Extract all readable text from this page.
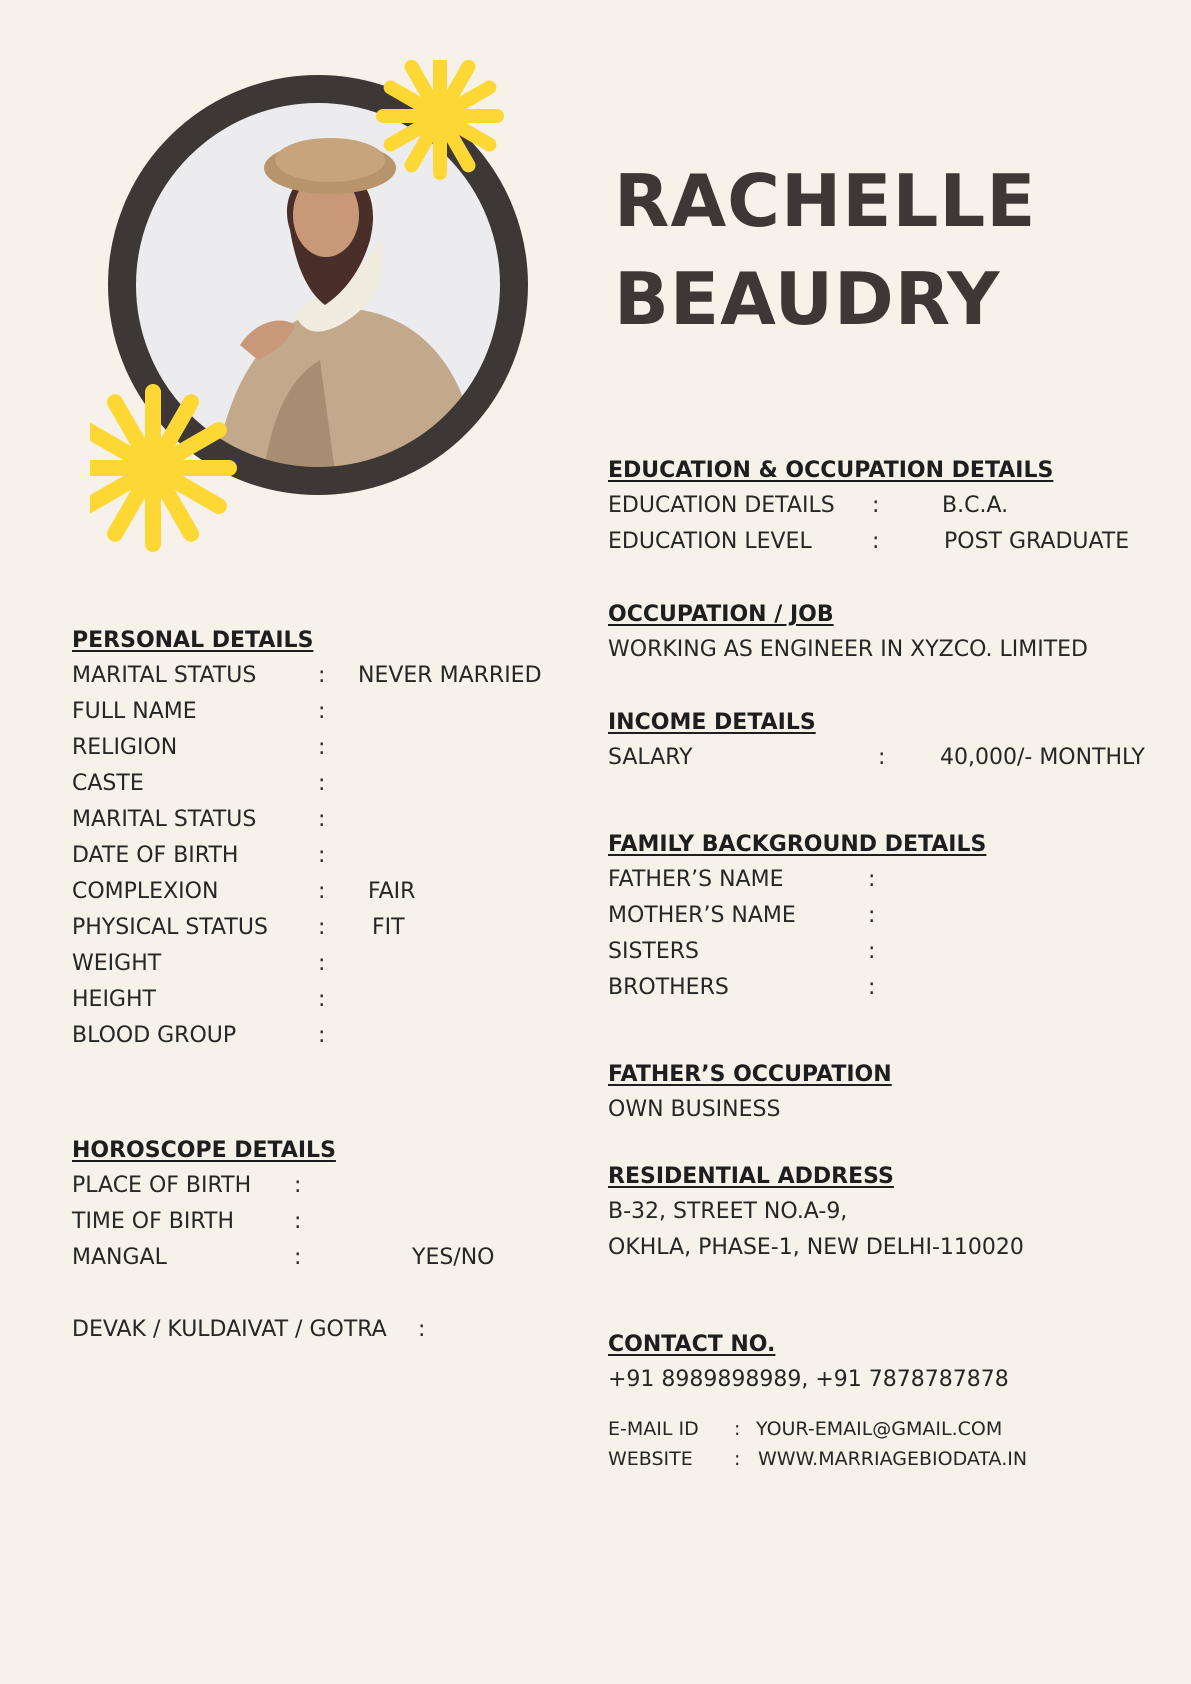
RACHELLE
BEAUDRY
PERSONAL DETAILS
MARITAL STATUS	: NEVER MARRIED
FULL NAME	:
RELIGION	:
CASTE	:
MARITAL STATUS	:
DATE OF BIRTH	:
COMPLEXION	: FAIR
PHYSICAL STATUS : FIT
WEIGHT	:
HEIGHT	:
BLOOD GROUP	:
HOROSCOPE DETAILS
PLACE OF BIRTH :
TIME OF BIRTH	:
MANGAL	:	YES/NO
DEVAK / KULDAIVAT / GOTRA :
EDUCATION & OCCUPATION DETAILS
EDUCATION DETAILS :	B.C.A.
EDUCATION LEVEL	:	POST GRADUATE
OCCUPATION / JOB
WORKING AS ENGINEER IN XYZCO. LIMITED
INCOME DETAILS
SALARY	: 40,000/- MONTHLY
FAMILY BACKGROUND DETAILS
FATHER’S NAME	:
MOTHER’S NAME	:
SISTERS	:
BROTHERS	:
FATHER’S OCCUPATION
OWN BUSINESS
RESIDENTIAL ADDRESS
B-32, STREET NO.A-9,
OKHLA, PHASE-1, NEW DELHI-110020
CONTACT NO.
+91 8989898989, +91 7878787878
E-MAIL ID : YOUR-EMAIL@GMAIL.COM
WEBSITE : WWW.MARRIAGEBIODATA.IN
